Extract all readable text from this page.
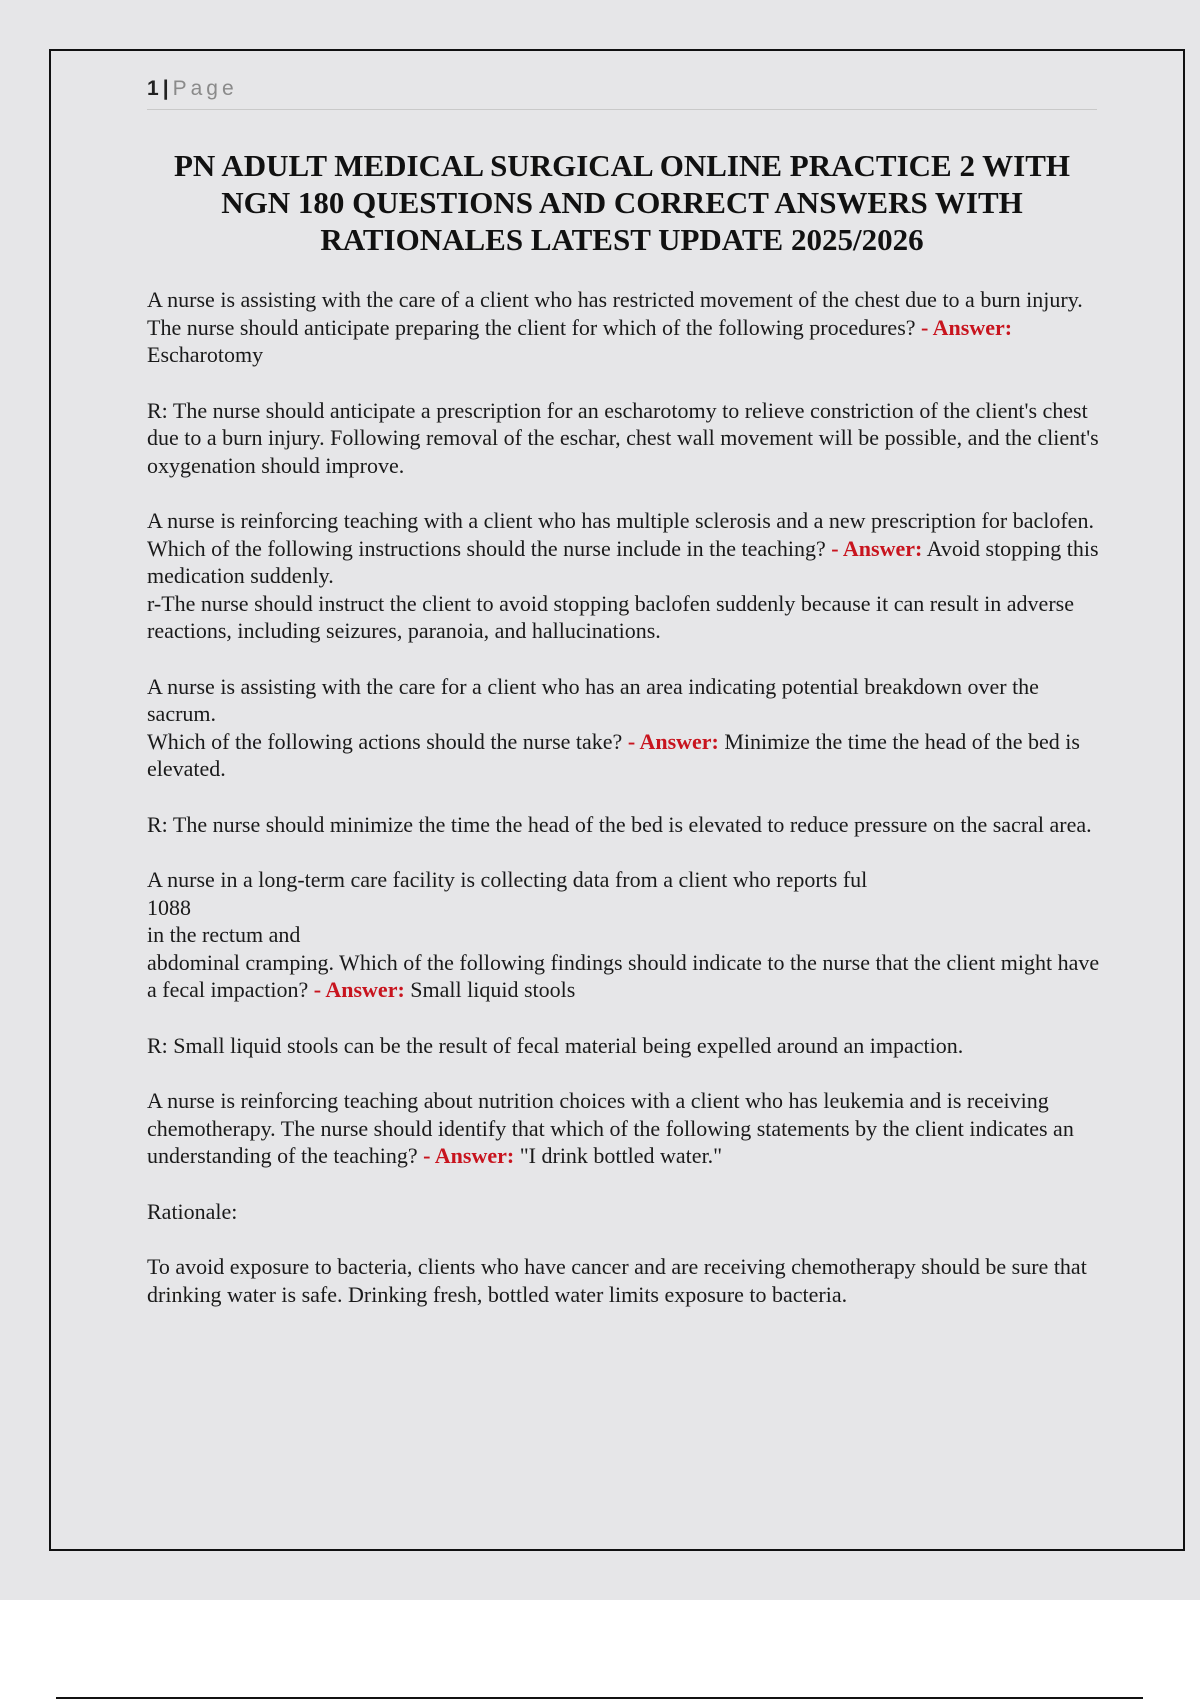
1 | Page
PN ADULT MEDICAL SURGICAL ONLINE PRACTICE 2 WITH NGN 180 QUESTIONS AND CORRECT ANSWERS WITH RATIONALES LATEST UPDATE 2025/2026

A nurse is assisting with the care of a client who has restricted movement of the chest due to a burn injury. The nurse should anticipate preparing the client for which of the following procedures? - Answer: Escharotomy

R: The nurse should anticipate a prescription for an escharotomy to relieve constriction of the client's chest due to a burn injury. Following removal of the eschar, chest wall movement will be possible, and the client's oxygenation should improve.

A nurse is reinforcing teaching with a client who has multiple sclerosis and a new prescription for baclofen.
Which of the following instructions should the nurse include in the teaching? - Answer: Avoid stopping this medication suddenly.
r-The nurse should instruct the client to avoid stopping baclofen suddenly because it can result in adverse reactions, including seizures, paranoia, and hallucinations.

A nurse is assisting with the care for a client who has an area indicating potential breakdown over the sacrum.
Which of the following actions should the nurse take? - Answer: Minimize the time the head of the bed is elevated.

R: The nurse should minimize the time the head of the bed is elevated to reduce pressure on the sacral area.

A nurse in a long-term care facility is collecting data from a client who reports ful
1088
in the rectum and
abdominal cramping. Which of the following findings should indicate to the nurse that the client might have a fecal impaction? - Answer: Small liquid stools

R: Small liquid stools can be the result of fecal material being expelled around an impaction.

A nurse is reinforcing teaching about nutrition choices with a client who has leukemia and is receiving chemotherapy. The nurse should identify that which of the following statements by the client indicates an understanding of the teaching? - Answer: "I drink bottled water."

Rationale:

To avoid exposure to bacteria, clients who have cancer and are receiving chemotherapy should be sure that drinking water is safe. Drinking fresh, bottled water limits exposure to bacteria.
